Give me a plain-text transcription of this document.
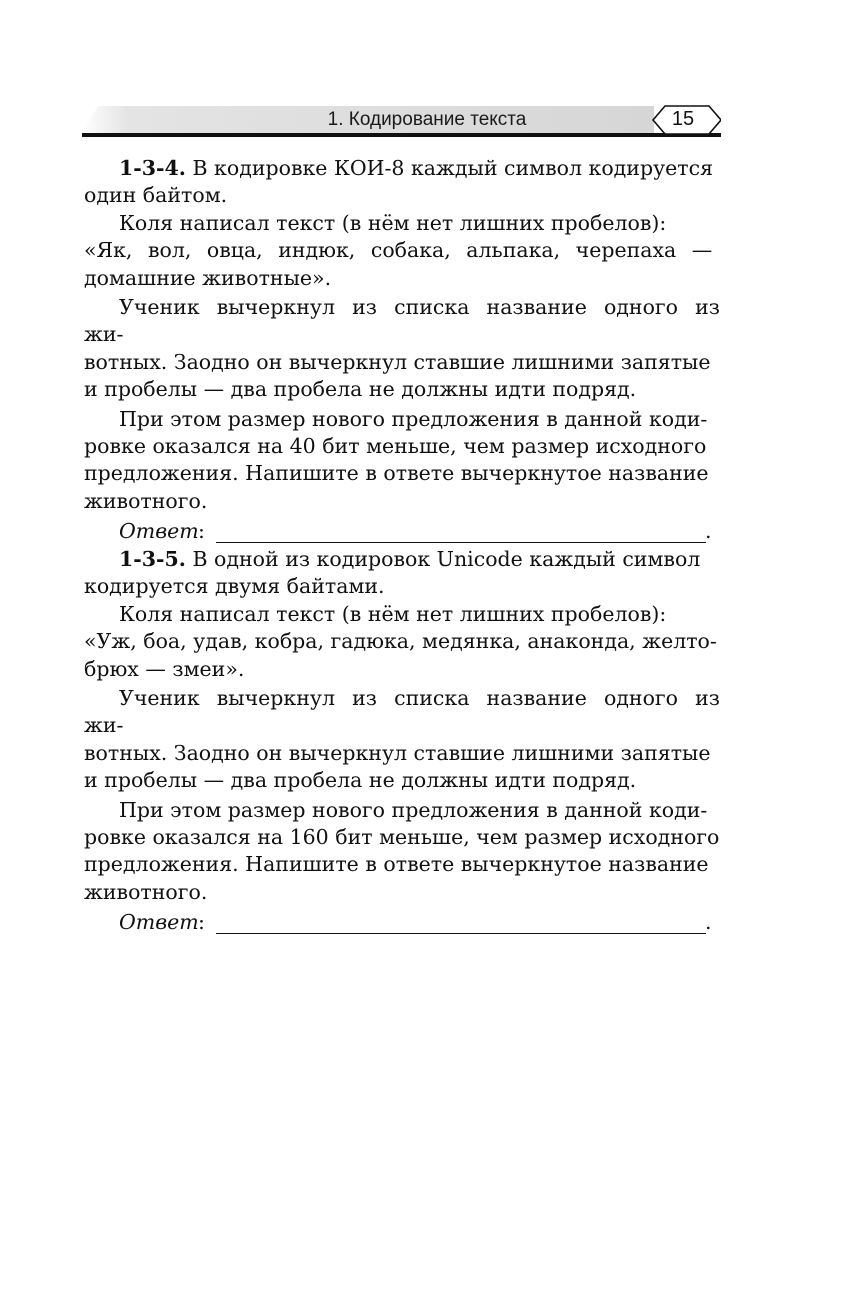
1. Кодирование текста	15
1-3-4. В кодировке КОИ-8 каждый символ кодируется
один байтом.
Коля написал текст (в нём нет лишних пробелов):
«Як, вол, овца, индюк, собака, альпака, черепаха —
домашние животные».
Ученик вычеркнул из списка название одного из жи-
вотных. Заодно он вычеркнул ставшие лишними запятые
и пробелы — два пробела не должны идти подряд.
При этом размер нового предложения в данной коди-
ровке оказался на 40 бит меньше, чем размер исходного
предложения. Напишите в ответе вычеркнутое название
животного.
Ответ :	.
1-3-5. В одной из кодировок Unicode каждый символ
кодируется двумя байтами.
Коля написал текст (в нём нет лишних пробелов):
«Уж, боа, удав, кобра, гадюка, медянка, анаконда, желто-
брюх — змеи».
Ученик вычеркнул из списка название одного из жи-
вотных. Заодно он вычеркнул ставшие лишними запятые
и пробелы — два пробела не должны идти подряд.
При этом размер нового предложения в данной коди-
ровке оказался на 160 бит меньше, чем размер исходного
предложения. Напишите в ответе вычеркнутое название
животного.
Ответ :	.
